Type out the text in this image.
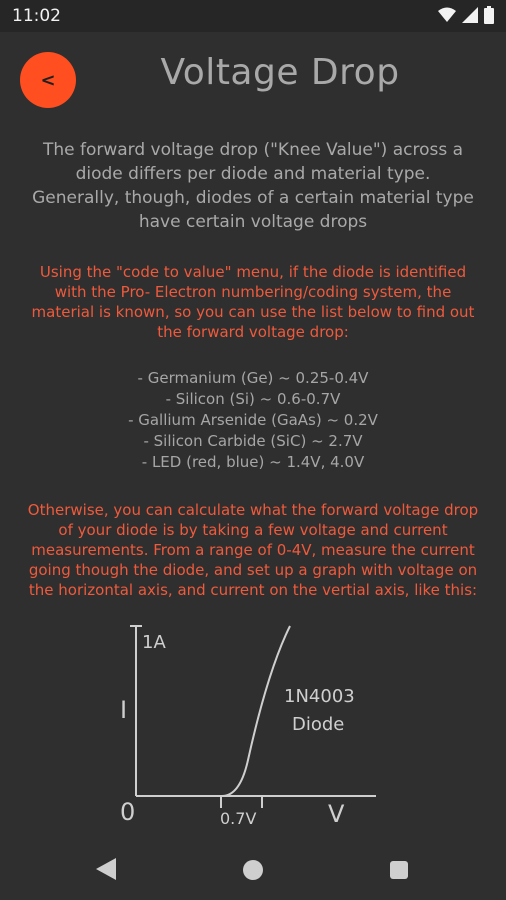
11:02
<	Voltage Drop
The forward voltage drop ("Knee Value") across a diode differs per diode and material type. Generally, though, diodes of a certain material type have certain voltage drops
Using the "code to value" menu, if the diode is identified with the Pro- Electron numbering/coding system, the material is known, so you can use the list below to find out the forward voltage drop:
- Germanium (Ge) ~ 0.25-0.4V
- Silicon (Si) ~ 0.6-0.7V
- Gallium Arsenide (GaAs) ~ 0.2V
- Silicon Carbide (SiC) ~ 2.7V
- LED (red, blue) ~ 1.4V, 4.0V
Otherwise, you can calculate what the forward voltage drop of your diode is by taking a few voltage and current measurements. From a range of 0-4V, measure the current going though the diode, and set up a graph with voltage on the horizontal axis, and current on the vertial axis, like this:
1A
I
0	0.7V	V
1N4003
Diode
